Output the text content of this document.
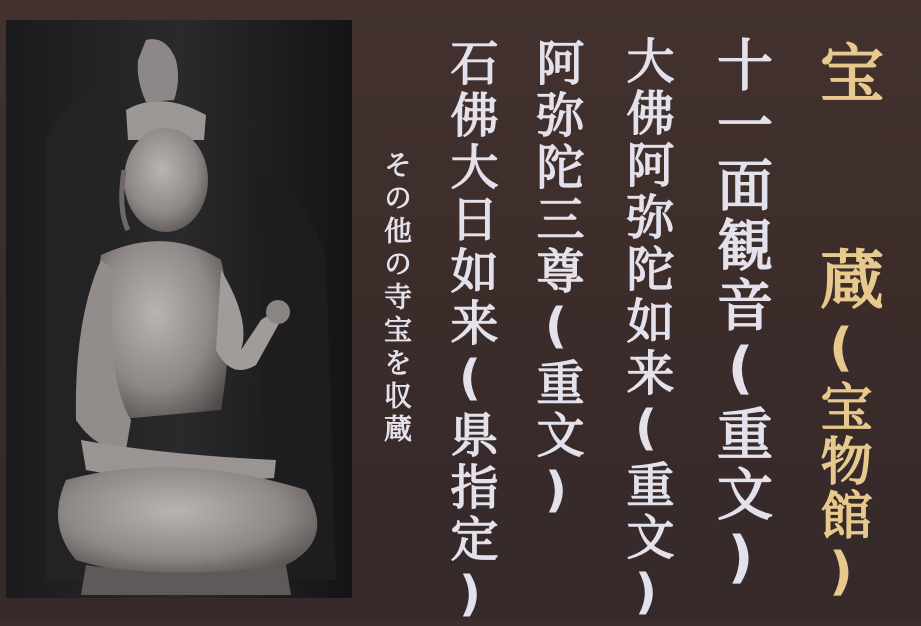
宝 蔵

(宝物館)

十一面観音(重文)

大佛阿弥陀如来(重文)

阿弥陀三尊(重文)

石佛大日如来(県指定)

その他の寺宝を収蔵
